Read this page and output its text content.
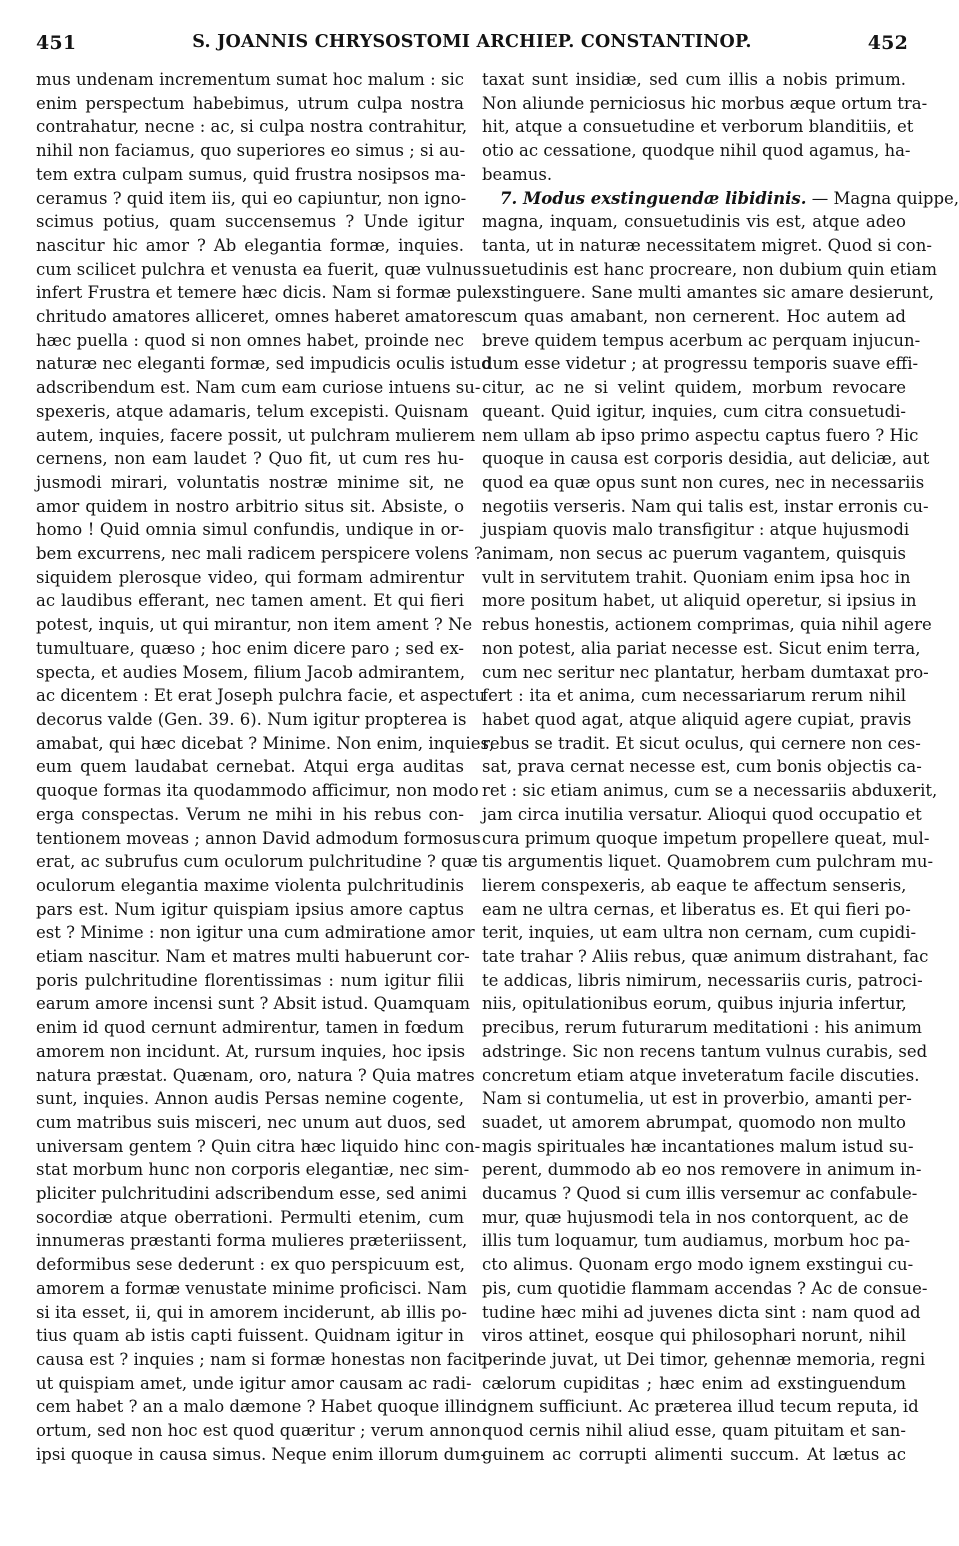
451	S. JOANNIS CHRYSOSTOMI ARCHIEP. CONSTANTINOP.	452
mus undenam incrementum sumat hoc malum : sic
enim perspectum habebimus, utrum culpa nostra
contrahatur, necne : ac, si culpa nostra contrahitur,
nihil non faciamus, quo superiores eo simus ; si au-
tem extra culpam sumus, quid frustra nosipsos ma-
ceramus ? quid item iis, qui eo capiuntur, non igno-
scimus potius, quam succensemus ? Unde igitur
nascitur hic amor ? Ab elegantia formæ, inquies.
cum scilicet pulchra et venusta ea fuerit, quæ vulnus
infert Frustra et temere hæc dicis. Nam si formæ pul-
chritudo amatores alliceret, omnes haberet amatores
hæc puella : quod si non omnes habet, proinde nec
naturæ nec eleganti formæ, sed impudicis oculis istud
adscribendum est. Nam cum eam curiose intuens su-
spexeris, atque adamaris, telum excepisti. Quisnam
autem, inquies, facere possit, ut pulchram mulierem
cernens, non eam laudet ? Quo fit, ut cum res hu-
jusmodi mirari, voluntatis nostræ minime sit, ne
amor quidem in nostro arbitrio situs sit. Absiste, o
homo ! Quid omnia simul confundis, undique in or-
bem excurrens, nec mali radicem perspicere volens ?
siquidem plerosque video, qui formam admirentur
ac laudibus efferant, nec tamen ament. Et qui fieri
potest, inquis, ut qui mirantur, non item ament ? Ne
tumultuare, quæso ; hoc enim dicere paro ; sed ex-
specta, et audies Mosem, filium Jacob admirantem,
ac dicentem : Et erat Joseph pulchra facie, et aspectu
decorus valde (Gen. 39. 6). Num igitur propterea is
amabat, qui hæc dicebat ? Minime. Non enim, inquies,
eum quem laudabat cernebat. Atqui erga auditas
quoque formas ita quodammodo afficimur, non modo
erga conspectas. Verum ne mihi in his rebus con-
tentionem moveas ; annon David admodum formosus
erat, ac subrufus cum oculorum pulchritudine ? quæ
oculorum elegantia maxime violenta pulchritudinis
pars est. Num igitur quispiam ipsius amore captus
est ? Minime : non igitur una cum admiratione amor
etiam nascitur. Nam et matres multi habuerunt cor-
poris pulchritudine florentissimas : num igitur filii
earum amore incensi sunt ? Absit istud. Quamquam
enim id quod cernunt admirentur, tamen in fœdum
amorem non incidunt. At, rursum inquies, hoc ipsis
natura præstat. Quænam, oro, natura ? Quia matres
sunt, inquies. Annon audis Persas nemine cogente,
cum matribus suis misceri, nec unum aut duos, sed
universam gentem ? Quin citra hæc liquido hinc con-
stat morbum hunc non corporis elegantiæ, nec sim-
pliciter pulchritudini adscribendum esse, sed animi
socordiæ atque oberrationi. Permulti etenim, cum
innumeras præstanti forma mulieres præteriissent,
deformibus sese dederunt : ex quo perspicuum est,
amorem a formæ venustate minime proficisci. Nam
si ita esset, ii, qui in amorem inciderunt, ab illis po-
tius quam ab istis capti fuissent. Quidnam igitur in
causa est ? inquies ; nam si formæ honestas non facit
ut quispiam amet, unde igitur amor causam ac radi-
cem habet ? an a malo dæmone ? Habet quoque illinc
ortum, sed non hoc est quod quæritur ; verum annon
ipsi quoque in causa simus. Neque enim illorum dum-
taxat sunt insidiæ, sed cum illis a nobis primum.
Non aliunde perniciosus hic morbus æque ortum tra-
hit, atque a consuetudine et verborum blanditiis, et
otio ac cessatione, quodque nihil quod agamus, ha-
beamus.
7. Modus exstinguendæ libidinis. — Magna quippe,
magna, inquam, consuetudinis vis est, atque adeo
tanta, ut in naturæ necessitatem migret. Quod si con-
suetudinis est hanc procreare, non dubium quin etiam
exstinguere. Sane multi amantes sic amare desierunt,
cum quas amabant, non cernerent. Hoc autem ad
breve quidem tempus acerbum ac perquam injucun-
dum esse videtur ; at progressu temporis suave effi-
citur, ac ne si velint quidem, morbum revocare
queant. Quid igitur, inquies, cum citra consuetudi-
nem ullam ab ipso primo aspectu captus fuero ? Hic
quoque in causa est corporis desidia, aut deliciæ, aut
quod ea quæ opus sunt non cures, nec in necessariis
negotiis verseris. Nam qui talis est, instar erronis cu-
juspiam quovis malo transfigitur : atque hujusmodi
animam, non secus ac puerum vagantem, quisquis
vult in servitutem trahit. Quoniam enim ipsa hoc in
more positum habet, ut aliquid operetur, si ipsius in
rebus honestis, actionem comprimas, quia nihil agere
non potest, alia pariat necesse est. Sicut enim terra,
cum nec seritur nec plantatur, herbam dumtaxat pro-
fert : ita et anima, cum necessariarum rerum nihil
habet quod agat, atque aliquid agere cupiat, pravis
rebus se tradit. Et sicut oculus, qui cernere non ces-
sat, prava cernat necesse est, cum bonis objectis ca-
ret : sic etiam animus, cum se a necessariis abduxerit,
jam circa inutilia versatur. Alioqui quod occupatio et
cura primum quoque impetum propellere queat, mul-
tis argumentis liquet. Quamobrem cum pulchram mu-
lierem conspexeris, ab eaque te affectum senseris,
eam ne ultra cernas, et liberatus es. Et qui fieri po-
terit, inquies, ut eam ultra non cernam, cum cupidi-
tate trahar ? Aliis rebus, quæ animum distrahant, fac
te addicas, libris nimirum, necessariis curis, patroci-
niis, opitulationibus eorum, quibus injuria infertur,
precibus, rerum futurarum meditationi : his animum
adstringe. Sic non recens tantum vulnus curabis, sed
concretum etiam atque inveteratum facile discuties.
Nam si contumelia, ut est in proverbio, amanti per-
suadet, ut amorem abrumpat, quomodo non multo
magis spirituales hæ incantationes malum istud su-
perent, dummodo ab eo nos removere in animum in-
ducamus ? Quod si cum illis versemur ac confabule-
mur, quæ hujusmodi tela in nos contorquent, ac de
illis tum loquamur, tum audiamus, morbum hoc pa-
cto alimus. Quonam ergo modo ignem exstingui cu-
pis, cum quotidie flammam accendas ? Ac de consue-
tudine hæc mihi ad juvenes dicta sint : nam quod ad
viros attinet, eosque qui philosophari norunt, nihil
perinde juvat, ut Dei timor, gehennæ memoria, regni
cælorum cupiditas ; hæc enim ad exstinguendum
ignem sufficiunt. Ac præterea illud tecum reputa, id
quod cernis nihil aliud esse, quam pituitam et san-
guinem ac corrupti alimenti succum. At lætus ac
